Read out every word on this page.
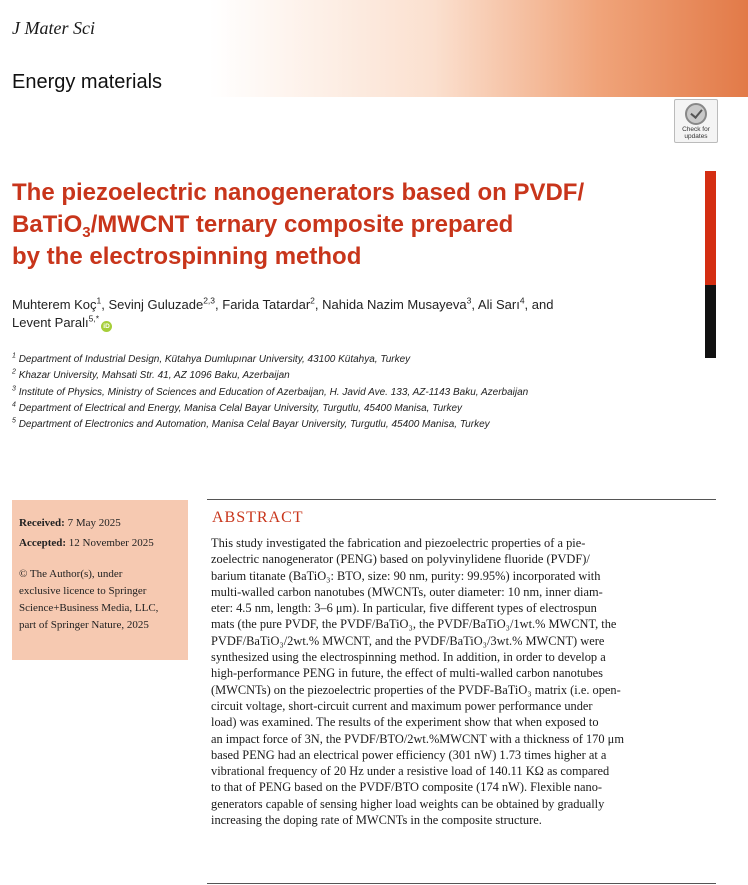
J Mater Sci
Energy materials
Check for
updates
The piezoelectric nanogenerators based on PVDF/
BaTiO$_3$/MWCNT ternary composite prepared
by the electrospinning method
Muhterem Koç$^1$, Sevinj Guluzade$^{2,3}$, Farida Tatardar$^2$, Nahida Nazim Musayeva$^3$, Ali Sarı$^4$, and
Levent Paralı$^{5,*}$iD
$^1$ Department of Industrial Design, Kütahya Dumlupınar University, 43100 Kütahya, Turkey
$^2$ Khazar University, Mahsati Str. 41, AZ 1096 Baku, Azerbaijan
$^3$ Institute of Physics, Ministry of Sciences and Education of Azerbaijan, H. Javid Ave. 133, AZ-1143 Baku, Azerbaijan
$^4$ Department of Electrical and Energy, Manisa Celal Bayar University, Turgutlu, 45400 Manisa, Turkey
$^5$ Department of Electronics and Automation, Manisa Celal Bayar University, Turgutlu, 45400 Manisa, Turkey
Received: 7 May 2025
Accepted: 12 November 2025
© The Author(s), under
exclusive licence to Springer
Science+Business Media, LLC,
part of Springer Nature, 2025
ABSTRACT
This study investigated the fabrication and piezoelectric properties of a pie-
zoelectric nanogenerator (PENG) based on polyvinylidene fluoride (PVDF)/
barium titanate (BaTiO₃: BTO, size: 90 nm, purity: 99.95%) incorporated with
multi-walled carbon nanotubes (MWCNTs, outer diameter: 10 nm, inner diam-
eter: 4.5 nm, length: 3–6 μm). In particular, five different types of electrospun
mats (the pure PVDF, the PVDF/BaTiO₃, the PVDF/BaTiO₃/1wt.% MWCNT, the
PVDF/BaTiO₃/2wt.% MWCNT, and the PVDF/BaTiO₃/3wt.% MWCNT) were
synthesized using the electrospinning method. In addition, in order to develop a
high-performance PENG in future, the effect of multi-walled carbon nanotubes
(MWCNTs) on the piezoelectric properties of the PVDF-BaTiO₃ matrix (i.e. open-
circuit voltage, short-circuit current and maximum power performance under
load) was examined. The results of the experiment show that when exposed to
an impact force of 3N, the PVDF/BTO/2wt.%MWCNT with a thickness of 170 μm
based PENG had an electrical power efficiency (301 nW) 1.73 times higher at a
vibrational frequency of 20 Hz under a resistive load of 140.11 KΩ as compared
to that of PENG based on the PVDF/BTO composite (174 nW). Flexible nano-
generators capable of sensing higher load weights can be obtained by gradually
increasing the doping rate of MWCNTs in the composite structure.
